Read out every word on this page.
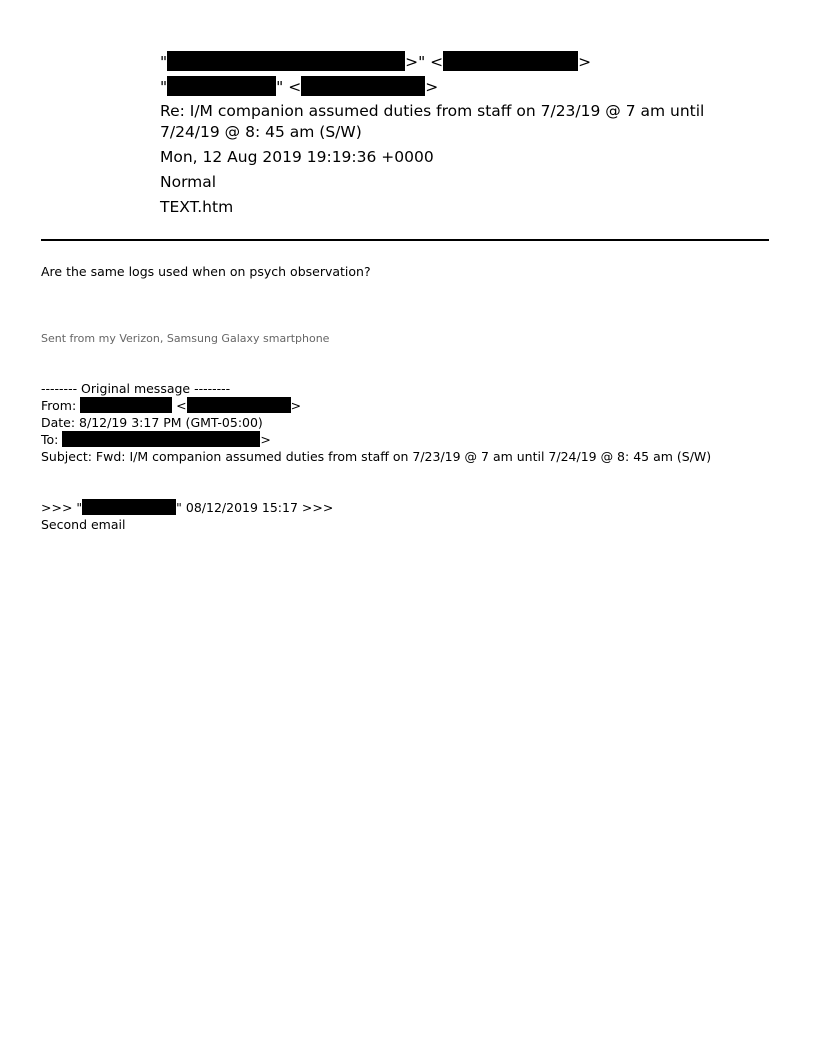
"	>" <	>
"	" <	>
Re: I/M companion assumed duties from staff on 7/23/19 @ 7 am until 7/24/19 @ 8: 45 am (S/W)
Mon, 12 Aug 2019 19:19:36 +0000
Normal
TEXT.htm
Are the same logs used when on psych observation?
Sent from my Verizon, Samsung Galaxy smartphone
-------- Original message --------
From:	<	>
Date: 8/12/19 3:17 PM (GMT-05:00)
To:	>
Subject: Fwd: I/M companion assumed duties from staff on 7/23/19 @ 7 am until 7/24/19 @ 8: 45 am (S/W)
>>> "	" 08/12/2019 15:17 >>>
Second email
